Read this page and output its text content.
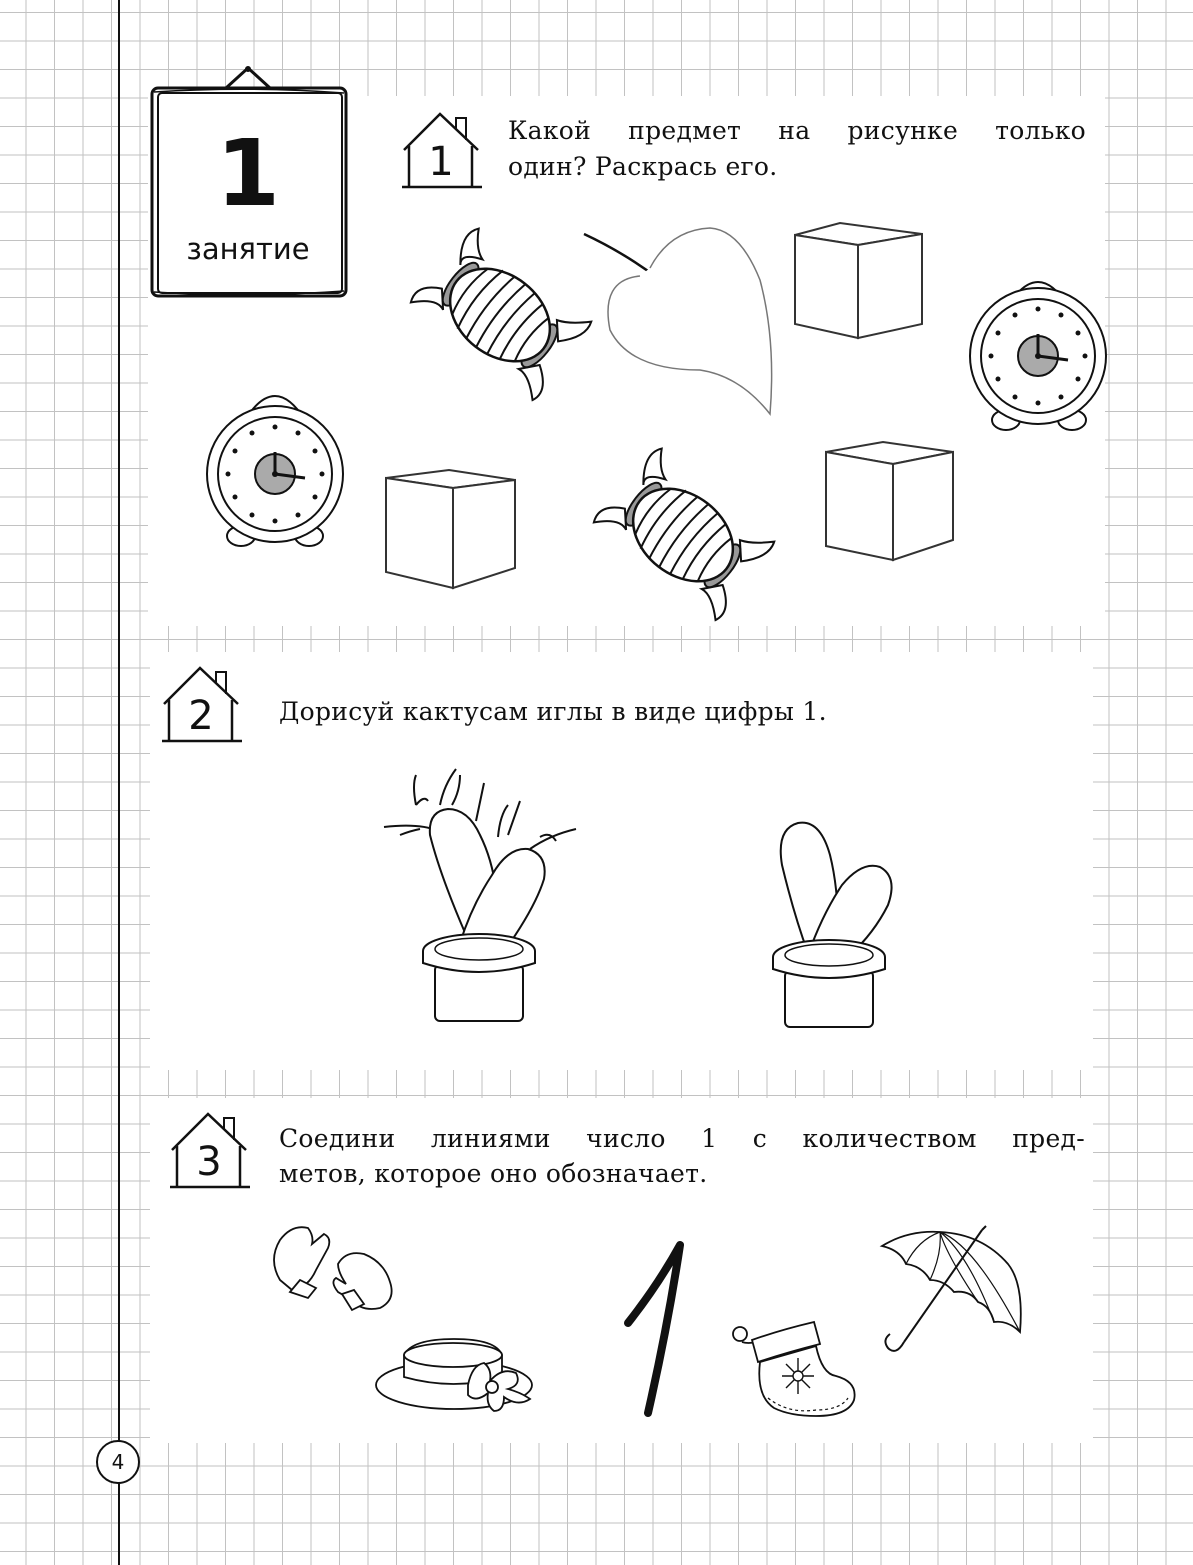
1
занятие
1
Какой предмет на рисунке только
один? Раскрась его.
2	Дорисуй кактусам иглы в виде цифры 1.
3
Соедини линиями число 1 с количеством пред-
метов, которое оно обозначает.
4
